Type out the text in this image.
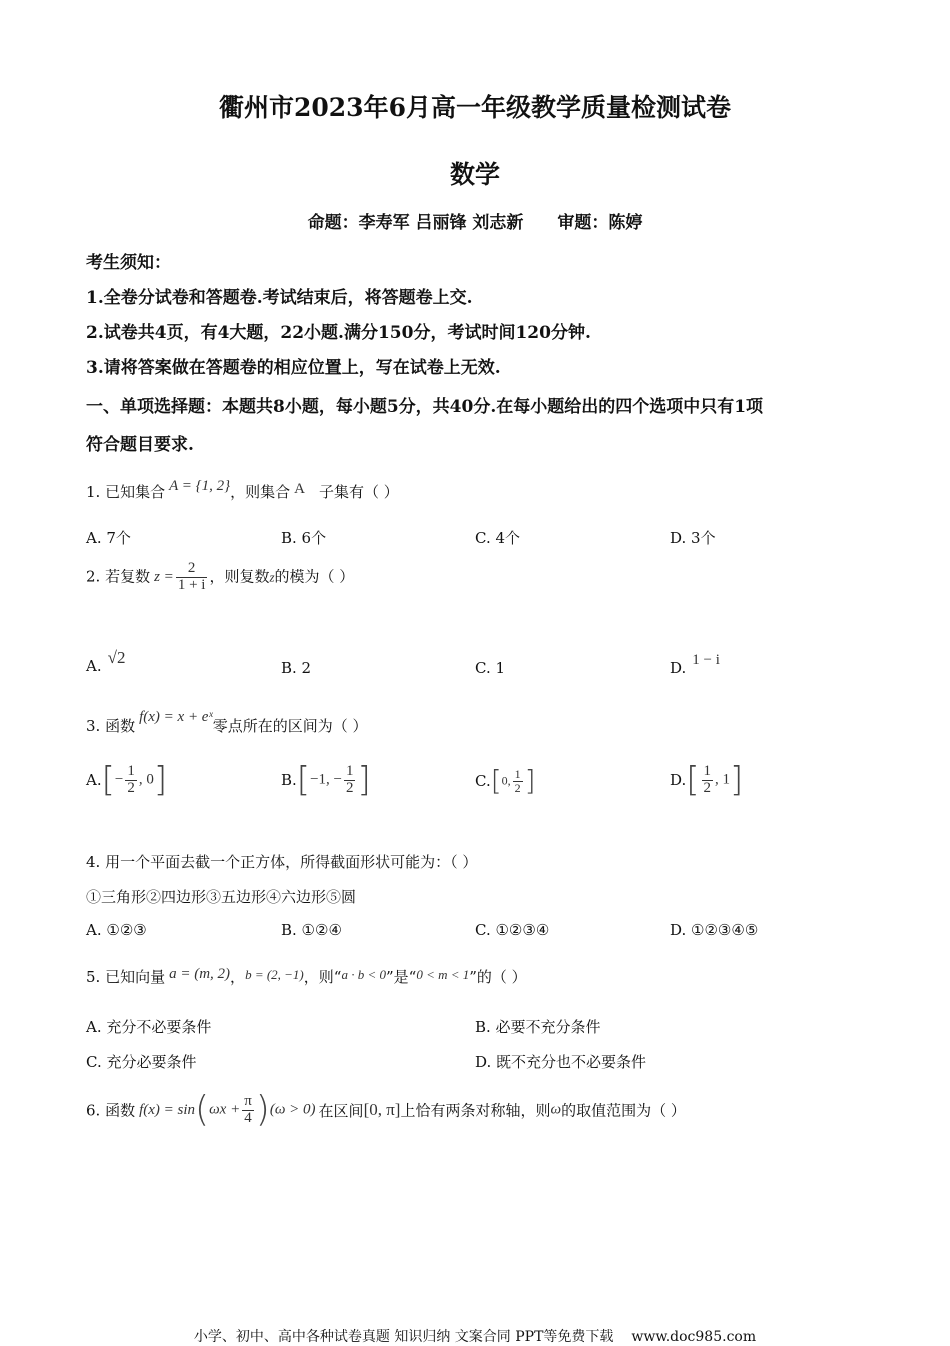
衢州市2023年6月高一年级教学质量检测试卷
数学
命题：李寿军 吕丽锋 刘志新 审题：陈婷
考生须知：
1.全卷分试卷和答题卷.考试结束后，将答题卷上交.
2.试卷共4页，有4大题，22小题.满分150分，考试时间120分钟.
3.请将答案做在答题卷的相应位置上，写在试卷上无效.
一、单项选择题：本题共8小题，每小题5分，共40分.在每小题给出的四个选项中只有1项
符合题目要求.
1. 已知集合 A = {1, 2}，则集合 A 子集有（ ）
A. 7个	B. 6个	C. 4个	D. 3个
2. 若复数 $z = \frac{2}{1 + i}$ ，则复数z的模为（ ）
A. √2
B. 2	C. 1	D. 1 − i
3. 函数 f(x) = x + eˣ零点所在的区间为（ ）
$A.[- \frac{1}{2}$ , 0]	B.[−1, − $\frac{1}{2}$ ]	C.[0, $\frac{1}{2}$ ]	$D.[ \frac{1}{2}$ , 1]
4. 用一个平面去截一个正方体，所得截面形状可能为：（ ）
①三角形②四边形③五边形④六边形⑤圆
A. ①②③	B. ①②④	C. ①②③④	D. ①②③④⑤
5. 已知向量 a = (m, 2)，b = (2, −1)，则“a · b < 0”是“0 < m < 1”的（ ）
A. 充分不必要条件	B. 必要不充分条件
C. 充分必要条件	D. 既不充分也不必要条件
6. 函数 $f(x) = \sin(\omega x + \frac{\pi}{4} )(\omega > 0)$ 在区间[0, π]上恰有两条对称轴，则ω的取值范围为（ ）
小学、初中、高中各种试卷真题 知识归纳 文案合同 PPT等免费下载 www.doc985.com
